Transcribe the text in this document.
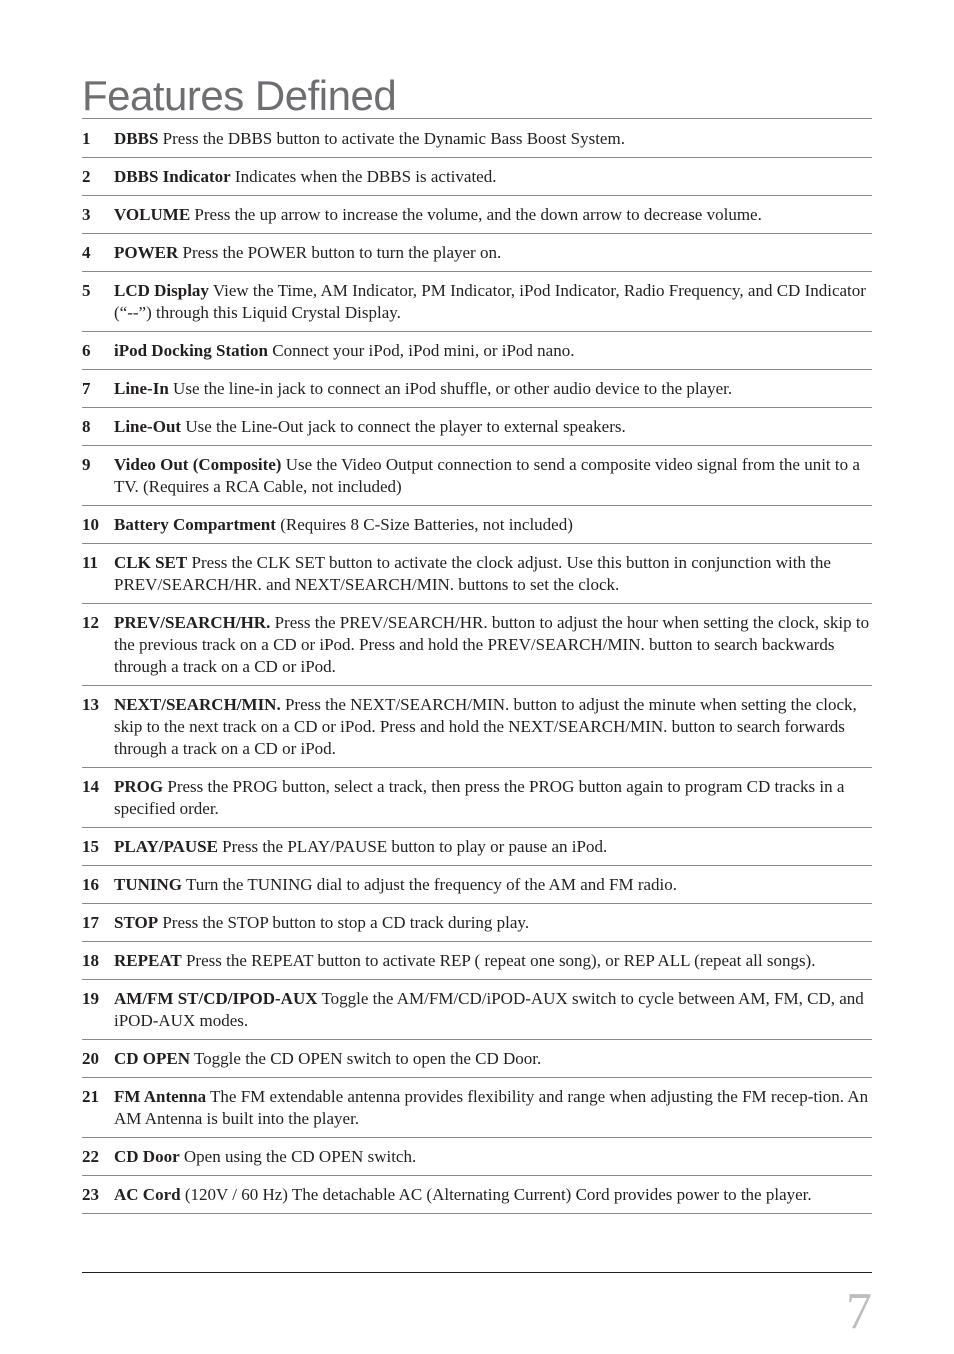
Features Defined
1	DBBS Press the DBBS button to activate the Dynamic Bass Boost System.
2	DBBS Indicator Indicates when the DBBS is activated.
3	VOLUME Press the up arrow to increase the volume, and the down arrow to decrease volume.
4	POWER Press the POWER button to turn the player on.
5	LCD Display View the Time, AM Indicator, PM Indicator, iPod Indicator, Radio Frequency, and CD Indicator (“--”) through this Liquid Crystal Display.
6	iPod Docking Station Connect your iPod, iPod mini, or iPod nano.
7	Line-In Use the line-in jack to connect an iPod shuffle, or other audio device to the player.
8	Line-Out Use the Line-Out jack to connect the player to external speakers.
9	Video Out (Composite) Use the Video Output connection to send a composite video signal from the unit to a TV. (Requires a RCA Cable, not included)
10 Battery Compartment (Requires 8 C-Size Batteries, not included)
11 CLK SET Press the CLK SET button to activate the clock adjust. Use this button in conjunction with the PREV/SEARCH/HR. and NEXT/SEARCH/MIN. buttons to set the clock.
12 PREV/SEARCH/HR. Press the PREV/SEARCH/HR. button to adjust the hour when setting the clock, skip to the previous track on a CD or iPod. Press and hold the PREV/SEARCH/MIN. button to search backwards through a track on a CD or iPod.
13 NEXT/SEARCH/MIN. Press the NEXT/SEARCH/MIN. button to adjust the minute when setting the clock, skip to the next track on a CD or iPod. Press and hold the NEXT/SEARCH/MIN. button to search forwards through a track on a CD or iPod.
14 PROG Press the PROG button, select a track, then press the PROG button again to program CD tracks in a specified order.
15 PLAY/PAUSE Press the PLAY/PAUSE button to play or pause an iPod.
16 TUNING Turn the TUNING dial to adjust the frequency of the AM and FM radio.
17 STOP Press the STOP button to stop a CD track during play.
18 REPEAT Press the REPEAT button to activate REP ( repeat one song), or REP ALL (repeat all songs).
19 AM/FM ST/CD/IPOD-AUX Toggle the AM/FM/CD/iPOD-AUX switch to cycle between AM, FM, CD, and iPOD-AUX modes.
20 CD OPEN Toggle the CD OPEN switch to open the CD Door.
21 FM Antenna The FM extendable antenna provides flexibility and range when adjusting the FM recep-tion. An AM Antenna is built into the player.
22 CD Door Open using the CD OPEN switch.
23 AC Cord (120V / 60 Hz) The detachable AC (Alternating Current) Cord provides power to the player.
7
